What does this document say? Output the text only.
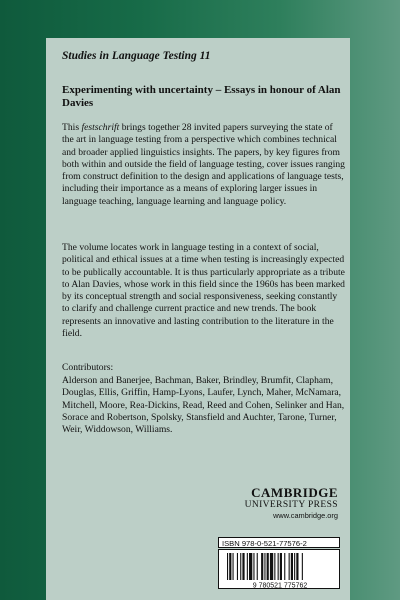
Studies in Language Testing 11
Experimenting with uncertainty – Essays in honour of Alan Davies

This festschrift brings together 28 invited papers surveying the state of the art in language testing from a perspective which combines technical and broader applied linguistics insights. The papers, by key figures from both within and outside the field of language testing, cover issues ranging from construct definition to the design and applications of language tests, including their importance as a means of exploring larger issues in language teaching, language learning and language policy.

The volume locates work in language testing in a context of social, political and ethical issues at a time when testing is increasingly expected to be publically accountable. It is thus particularly appropriate as a tribute to Alan Davies, whose work in this field since the 1960s has been marked by its conceptual strength and social responsiveness, seeking constantly to clarify and challenge current practice and new trends. The book represents an innovative and lasting contribution to the literature in the field.

Contributors:

Alderson and Banerjee, Bachman, Baker, Brindley, Brumfit, Clapham, Douglas, Ellis, Griffin, Hamp-Lyons, Laufer, Lynch, Maher, McNamara, Mitchell, Moore, Rea-Dickins, Read, Reed and Cohen, Selinker and Han, Sorace and Robertson, Spolsky, Stansfield and Auchter, Tarone, Turner, Weir, Widdowson, Williams.

CAMBRIDGE
UNIVERSITY PRESS
www.cambridge.org
ISBN 978-0-521-77576-2
9 780521 775762
